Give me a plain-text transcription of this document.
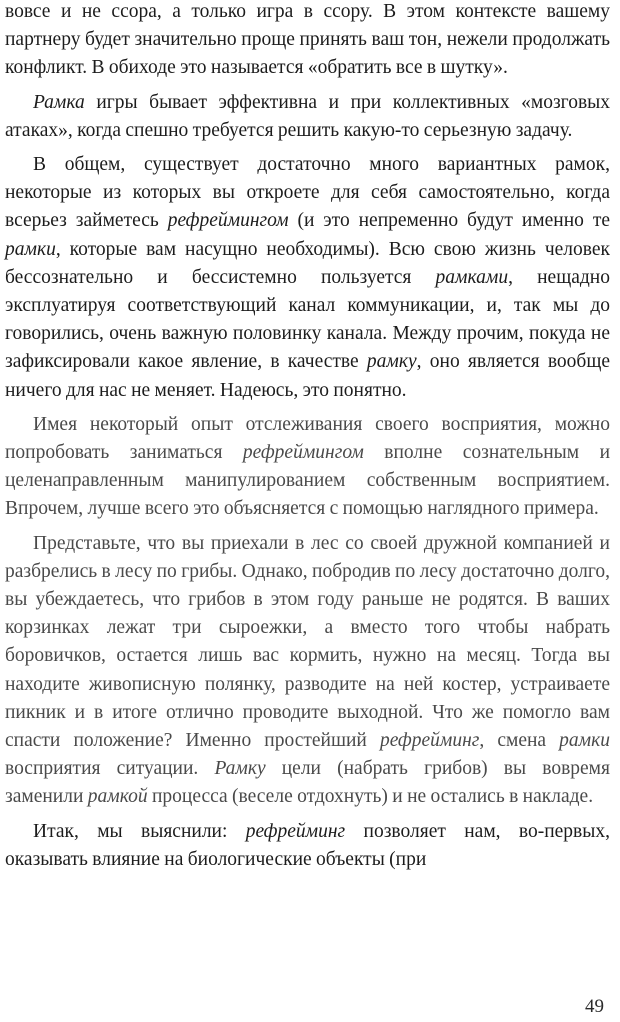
вовсе и не ссора, а только игра в ссору. В этом контексте вашему партнеру будет значительно проще принять ваш тон, нежели продолжать конфликт. В обиходе это называется «обратить все в шутку».

Рамка игры бывает эффективна и при коллективных «мозговых атаках», когда спешно требуется решить какую-то серьезную задачу.

В общем, существует достаточно много вариантных рамок, некоторые из которых вы откроете для себя самостоятельно, когда всерьез займетесь рефреймингом (и это непременно будут именно те рамки, которые вам насущно необходимы). Всю свою жизнь человек бессознательно и бессистемно пользуется рамками, нещадно эксплуатируя соответствующий канал коммуникации, и, так мы до говорились, очень важную половинку канала. Между прочим, покуда не зафиксировали какое явление, в качестве рамку, оно является вообще ничего для нас не меняет. Надеюсь, это понятно.

Имея некоторый опыт отслеживания своего восприятия, можно попробовать заниматься рефреймингом вполне сознательным и целенаправленным манипулированием собственным восприятием. Впрочем, лучше всего это объясняется с помощью наглядного примера.

Представьте, что вы приехали в лес со своей дружной компанией и разбрелись в лесу по грибы. Однако, побродив по лесу достаточно долго, вы убеждаетесь, что грибов в этом году раньше не родятся. В ваших корзинках лежат три сыроежки, а вместо того чтобы набрать боровичков, остается лишь вас кормить, нужно на месяц. Тогда вы находите живописную полянку, разводите на ней костер, устраиваете пикник и в итоге отлично проводите выходной. Что же помогло вам спасти положение? Именно простейший рефрейминг, смена рамки восприятия ситуации. Рамку цели (набрать грибов) вы вовремя заменили рамкой процесса (веселе отдохнуть) и не остались в накладе.

Итак, мы выяснили: рефрейминг позволяет нам, во-первых, оказывать влияние на биологические объекты (при

49
